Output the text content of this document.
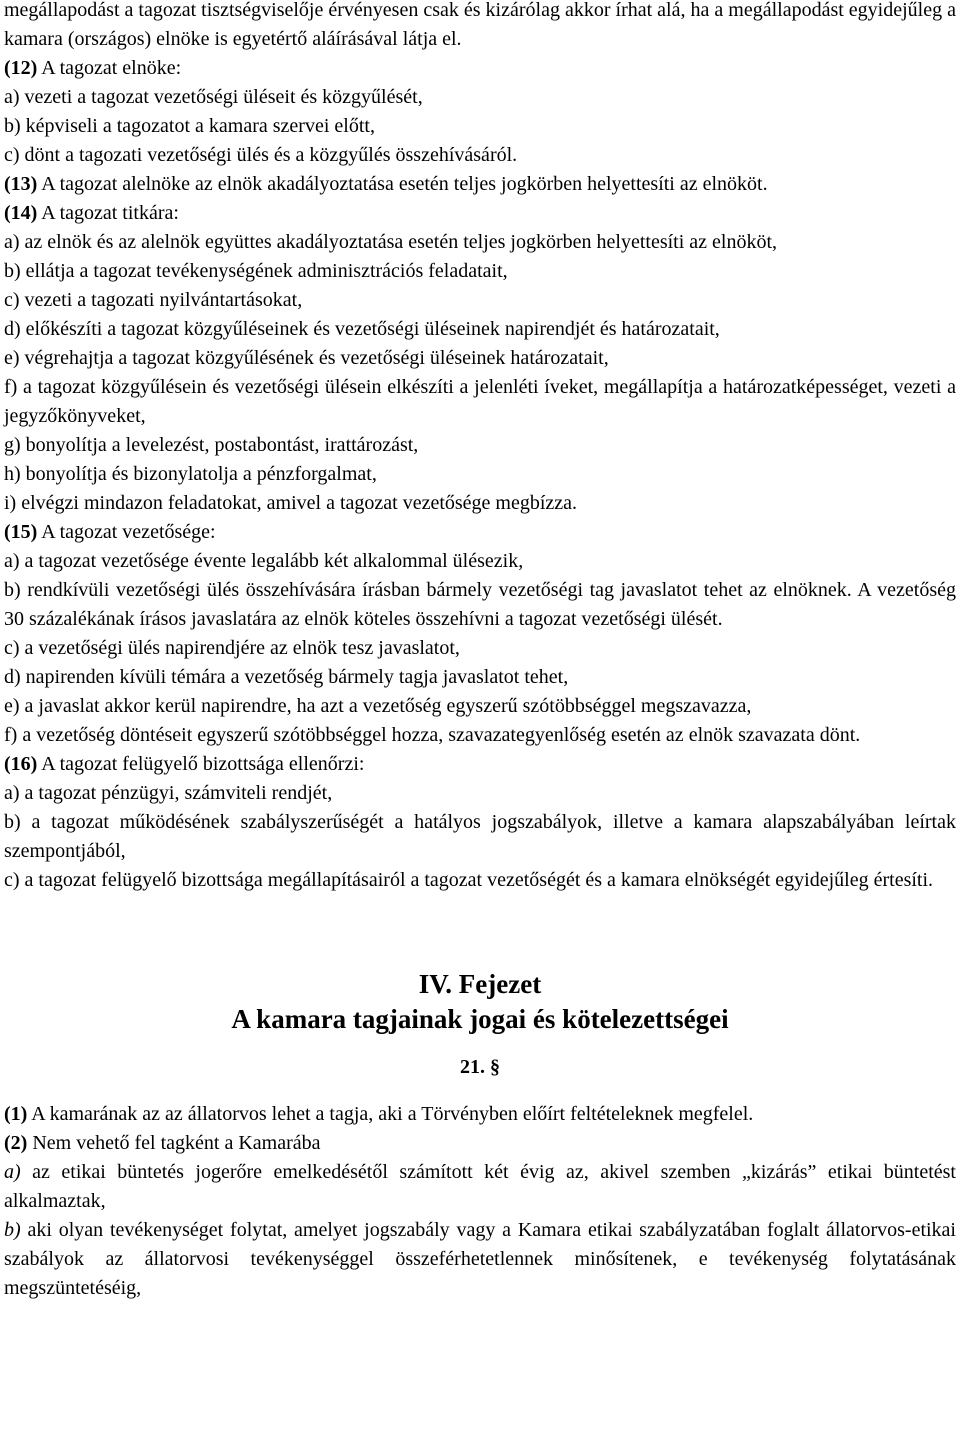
megállapodást a tagozat tisztségviselője érvényesen csak és kizárólag akkor írhat alá, ha a megállapodást egyidejűleg a kamara (országos) elnöke is egyetértő aláírásával látja el.

(12) A tagozat elnöke:

a) vezeti a tagozat vezetőségi üléseit és közgyűlését,

b) képviseli a tagozatot a kamara szervei előtt,

c) dönt a tagozati vezetőségi ülés és a közgyűlés összehívásáról.

(13) A tagozat alelnöke az elnök akadályoztatása esetén teljes jogkörben helyettesíti az elnököt.

(14) A tagozat titkára:

a) az elnök és az alelnök együttes akadályoztatása esetén teljes jogkörben helyettesíti az elnököt,

b) ellátja a tagozat tevékenységének adminisztrációs feladatait,

c) vezeti a tagozati nyilvántartásokat,

d) előkészíti a tagozat közgyűléseinek és vezetőségi üléseinek napirendjét és határozatait,

e) végrehajtja a tagozat közgyűlésének és vezetőségi üléseinek határozatait,

f) a tagozat közgyűlésein és vezetőségi ülésein elkészíti a jelenléti íveket, megállapítja a határozatképességet, vezeti a jegyzőkönyveket,

g) bonyolítja a levelezést, postabontást, irattározást,

h) bonyolítja és bizonylatolja a pénzforgalmat,

i) elvégzi mindazon feladatokat, amivel a tagozat vezetősége megbízza.

(15) A tagozat vezetősége:

a) a tagozat vezetősége évente legalább két alkalommal ülésezik,

b) rendkívüli vezetőségi ülés összehívására írásban bármely vezetőségi tag javaslatot tehet az elnöknek. A vezetőség 30 százalékának írásos javaslatára az elnök köteles összehívni a tagozat vezetőségi ülését.

c) a vezetőségi ülés napirendjére az elnök tesz javaslatot,

d) napirenden kívüli témára a vezetőség bármely tagja javaslatot tehet,

e) a javaslat akkor kerül napirendre, ha azt a vezetőség egyszerű szótöbbséggel megszavazza,

f) a vezetőség döntéseit egyszerű szótöbbséggel hozza, szavazategyenlőség esetén az elnök szavazata dönt.

(16) A tagozat felügyelő bizottsága ellenőrzi:

a) a tagozat pénzügyi, számviteli rendjét,

b) a tagozat működésének szabályszerűségét a hatályos jogszabályok, illetve a kamara alapszabályában leírtak szempontjából,

c) a tagozat felügyelő bizottsága megállapításairól a tagozat vezetőségét és a kamara elnökségét egyidejűleg értesíti.

IV. Fejezet
A kamara tagjainak jogai és kötelezettségei

21. §

(1) A kamarának az az állatorvos lehet a tagja, aki a Törvényben előírt feltételeknek megfelel.

(2) Nem vehető fel tagként a Kamarába

a) az etikai büntetés jogerőre emelkedésétől számított két évig az, akivel szemben „kizárás” etikai büntetést alkalmaztak,

b) aki olyan tevékenységet folytat, amelyet jogszabály vagy a Kamara etikai szabályzatában foglalt állatorvos-etikai szabályok az állatorvosi tevékenységgel összeférhetetlennek minősítenek, e tevékenység folytatásának megszüntetéséig,
